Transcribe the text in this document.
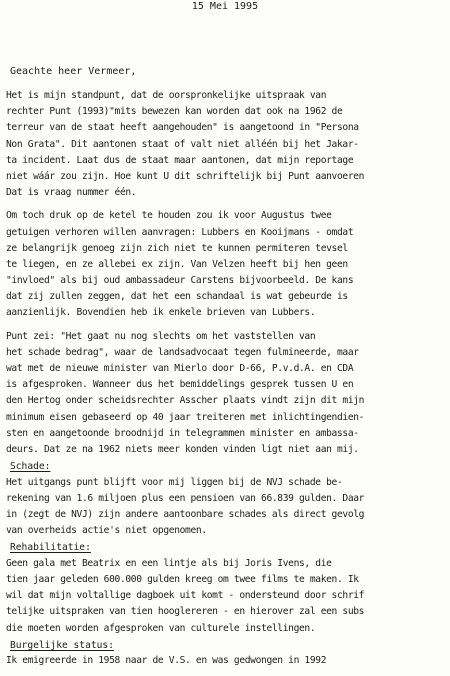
15 Mei 1995
Geachte heer Vermeer,
Het is mijn standpunt, dat de oorspronkelijke uitspraak van
rechter Punt (1993)"mits bewezen kan worden dat ook na 1962 de
terreur van de staat heeft aangehouden" is aangetoond in "Persona
Non Grata". Dit aantonen staat of valt niet alléén bij het Jakar-
ta incident. Laat dus de staat maar aantonen, dat mijn reportage
niet wáár zou zijn. Hoe kunt U dit schriftelijk bij Punt aanvoeren
Dat is vraag nummer één.
Om toch druk op de ketel te houden zou ik voor Augustus twee
getuigen verhoren willen aanvragen: Lubbers en Kooijmans - omdat
ze belangrijk genoeg zijn zich niet te kunnen permiteren tevsel
te liegen, en ze allebei ex zijn. Van Velzen heeft bij hen geen
"invloed" als bij oud ambassadeur Carstens bijvoorbeeld. De kans
dat zij zullen zeggen, dat het een schandaal is wat gebeurde is
aanzienlijk. Bovendien heb ik enkele brieven van Lubbers.
Punt zei: "Het gaat nu nog slechts om het vaststellen van
het schade bedrag", waar de landsadvocaat tegen fulmineerde, maar
wat met de nieuwe minister van Mierlo door D-66, P.v.d.A. en CDA
is afgesproken. Wanneer dus het bemiddelings gesprek tussen U en
den Hertog onder scheidsrechter Asscher plaats vindt zijn dit mijn
minimum eisen gebaseerd op 40 jaar treiteren met inlichtingendien-
sten en aangetoonde broodnijd in telegrammen minister en ambassa-
deurs. Dat ze na 1962 niets meer konden vinden ligt niet aan mij.
Schade:
Het uitgangs punt blijft voor mij liggen bij de NVJ schade be-
rekening van 1.6 miljoen plus een pensioen van 66.839 gulden. Daar
in (zegt de NVJ) zijn andere aantoonbare schades als direct gevolg
van overheids actie's niet opgenomen.
Rehabilitatie:
Geen gala met Beatrix en een lintje als bij Joris Ivens, die
tien jaar geleden 600.000 gulden kreeg om twee films te maken. Ik
wil dat mijn voltallige dagboek uit komt - ondersteund door schrif
telijke uitspraken van tien hooglereren - en hierover zal een subs
die moeten worden afgesproken van culturele instellingen.
Burgelijke status:
Ik emigreerde in 1958 naar de V.S. en was gedwongen in 1992
